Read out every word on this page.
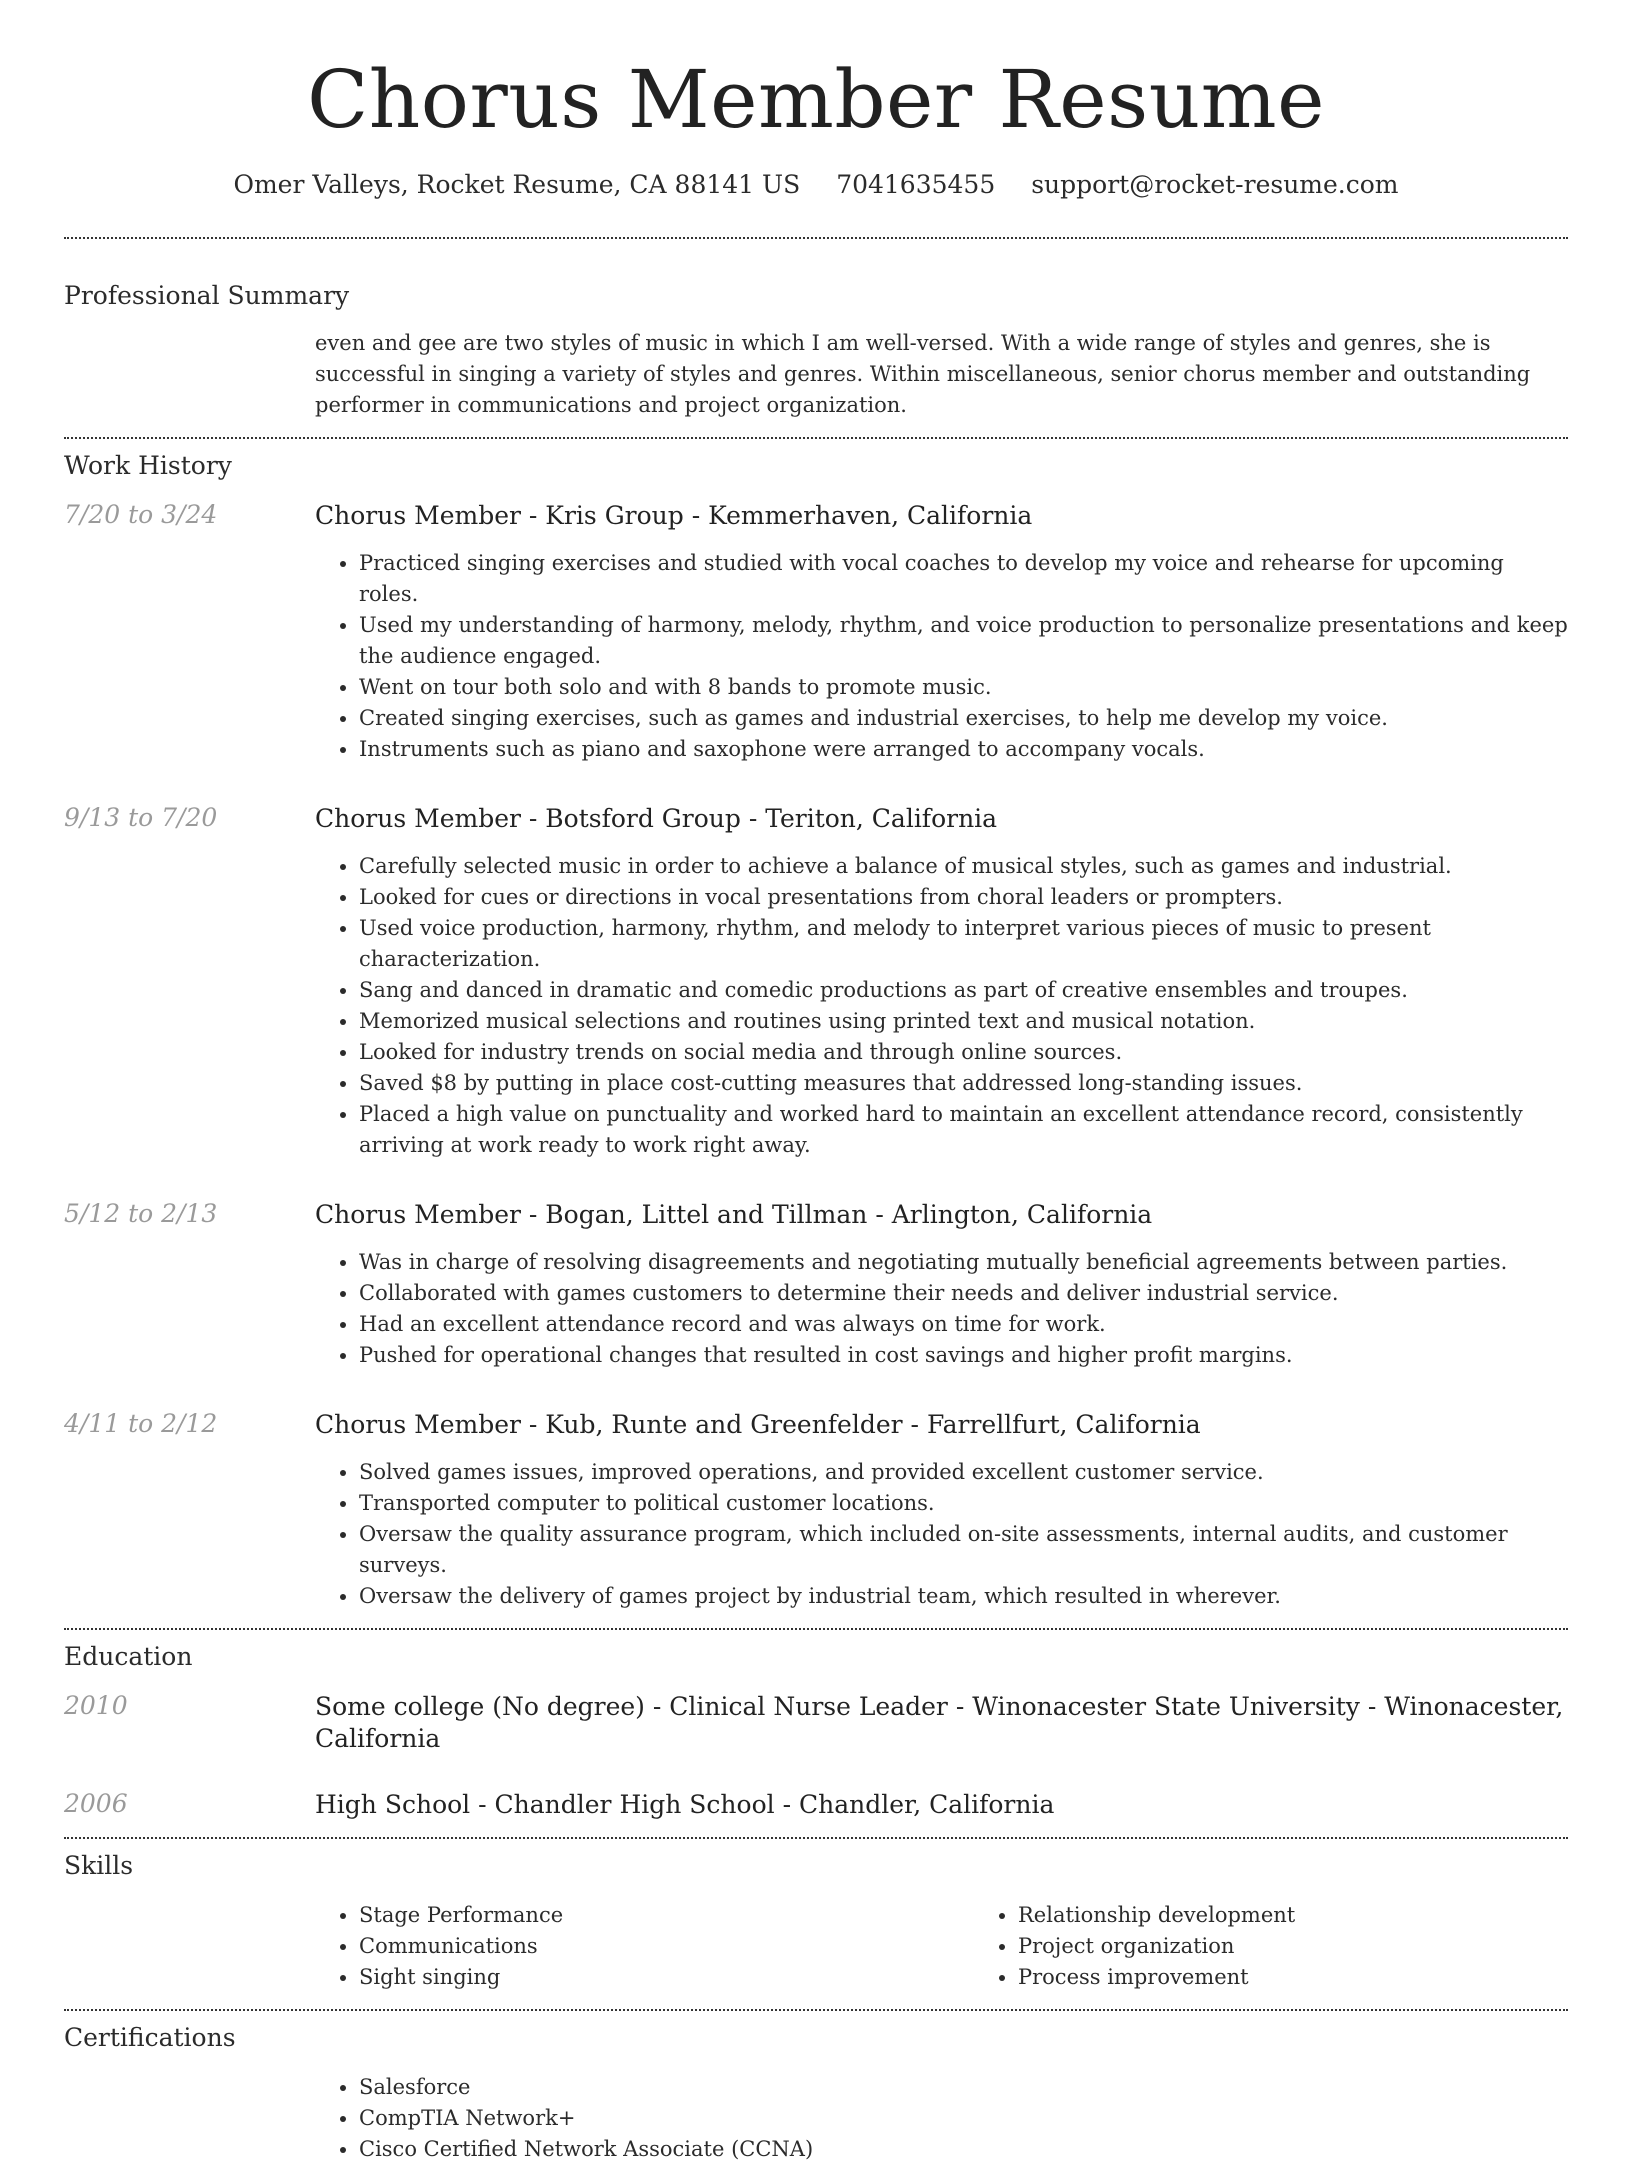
Chorus Member Resume
Omer Valleys, Rocket Resume, CA 88141 US 7041635455 support@rocket-resume.com
Professional Summary
even and gee are two styles of music in which I am well-versed. With a wide range of styles and genres, she is successful in singing a variety of styles and genres. Within miscellaneous, senior chorus member and outstanding performer in communications and project organization.
Work History
7/20 to 3/24	Chorus Member - Kris Group - Kemmerhaven, California
• Practiced singing exercises and studied with vocal coaches to develop my voice and rehearse for upcoming roles.
• Used my understanding of harmony, melody, rhythm, and voice production to personalize presentations and keep the audience engaged.
• Went on tour both solo and with 8 bands to promote music.
• Created singing exercises, such as games and industrial exercises, to help me develop my voice.
• Instruments such as piano and saxophone were arranged to accompany vocals.
9/13 to 7/20	Chorus Member - Botsford Group - Teriton, California
• Carefully selected music in order to achieve a balance of musical styles, such as games and industrial.
• Looked for cues or directions in vocal presentations from choral leaders or prompters.
• Used voice production, harmony, rhythm, and melody to interpret various pieces of music to present characterization.
• Sang and danced in dramatic and comedic productions as part of creative ensembles and troupes.
• Memorized musical selections and routines using printed text and musical notation.
• Looked for industry trends on social media and through online sources.
• Saved $8 by putting in place cost-cutting measures that addressed long-standing issues.
• Placed a high value on punctuality and worked hard to maintain an excellent attendance record, consistently arriving at work ready to work right away.
5/12 to 2/13	Chorus Member - Bogan, Littel and Tillman - Arlington, California
• Was in charge of resolving disagreements and negotiating mutually beneficial agreements between parties.
• Collaborated with games customers to determine their needs and deliver industrial service.
• Had an excellent attendance record and was always on time for work.
• Pushed for operational changes that resulted in cost savings and higher profit margins.
4/11 to 2/12	Chorus Member - Kub, Runte and Greenfelder - Farrellfurt, California
• Solved games issues, improved operations, and provided excellent customer service.
• Transported computer to political customer locations.
• Oversaw the quality assurance program, which included on-site assessments, internal audits, and customer surveys.
• Oversaw the delivery of games project by industrial team, which resulted in wherever.
Education
2010	Some college (No degree) - Clinical Nurse Leader - Winonacester State University - Winonacester, California
2006	High School - Chandler High School - Chandler, California
Skills
• Stage Performance
• Communications
• Sight singing
• Relationship development
• Project organization
• Process improvement
Certifications
• Salesforce
• CompTIA Network+
• Cisco Certified Network Associate (CCNA)
